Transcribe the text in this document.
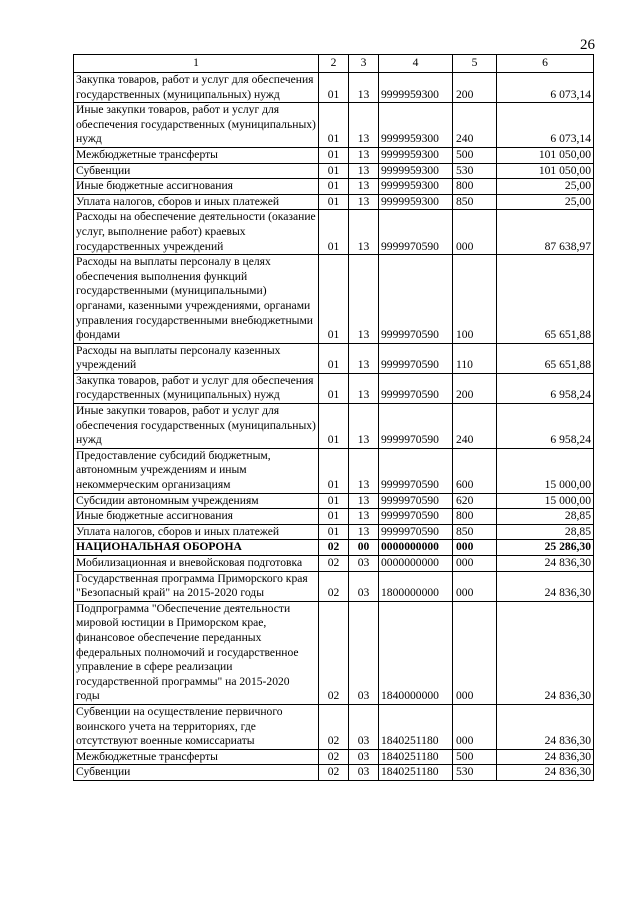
26
1	2	3	4	5	6
Закупка товаров, работ и услуг для обеспечения государственных (муниципальных) нужд	01	13	9999959300	200	6 073,14
Иные закупки товаров, работ и услуг для обеспечения государственных (муниципальных) нужд	01	13	9999959300	240	6 073,14
Межбюджетные трансферты	01	13	9999959300	500	101 050,00
Субвенции	01	13	9999959300	530	101 050,00
Иные бюджетные ассигнования	01	13	9999959300	800	25,00
Уплата налогов, сборов и иных платежей	01	13	9999959300	850	25,00
Расходы на обеспечение деятельности (оказание услуг, выполнение работ) краевых государственных учреждений	01	13	9999970590	000	87 638,97
Расходы на выплаты персоналу в целях обеспечения выполнения функций государственными (муниципальными) органами, казенными учреждениями, органами управления государственными внебюджетными фондами	01	13	9999970590	100	65 651,88
Расходы на выплаты персоналу казенных учреждений	01	13	9999970590	110	65 651,88
Закупка товаров, работ и услуг для обеспечения государственных (муниципальных) нужд	01	13	9999970590	200	6 958,24
Иные закупки товаров, работ и услуг для обеспечения государственных (муниципальных) нужд	01	13	9999970590	240	6 958,24
Предоставление субсидий бюджетным, автономным учреждениям и иным некоммерческим организациям	01	13	9999970590	600	15 000,00
Субсидии автономным учреждениям	01	13	9999970590	620	15 000,00
Иные бюджетные ассигнования	01	13	9999970590	800	28,85
Уплата налогов, сборов и иных платежей	01	13	9999970590	850	28,85
НАЦИОНАЛЬНАЯ ОБОРОНА	02	00	0000000000	000	25 286,30
Мобилизационная и вневойсковая подготовка	02	03	0000000000	000	24 836,30
Государственная программа Приморского края "Безопасный край" на 2015-2020 годы	02	03	1800000000	000	24 836,30
Подпрограмма "Обеспечение деятельности мировой юстиции в Приморском крае, финансовое обеспечение переданных федеральных полномочий и государственное управление в сфере реализации государственной программы" на 2015-2020 годы	02	03	1840000000	000	24 836,30
Субвенции на осуществление первичного воинского учета на территориях, где отсутствуют военные комиссариаты	02	03	1840251180	000	24 836,30
Межбюджетные трансферты	02	03	1840251180	500	24 836,30
Субвенции	02	03	1840251180	530	24 836,30
